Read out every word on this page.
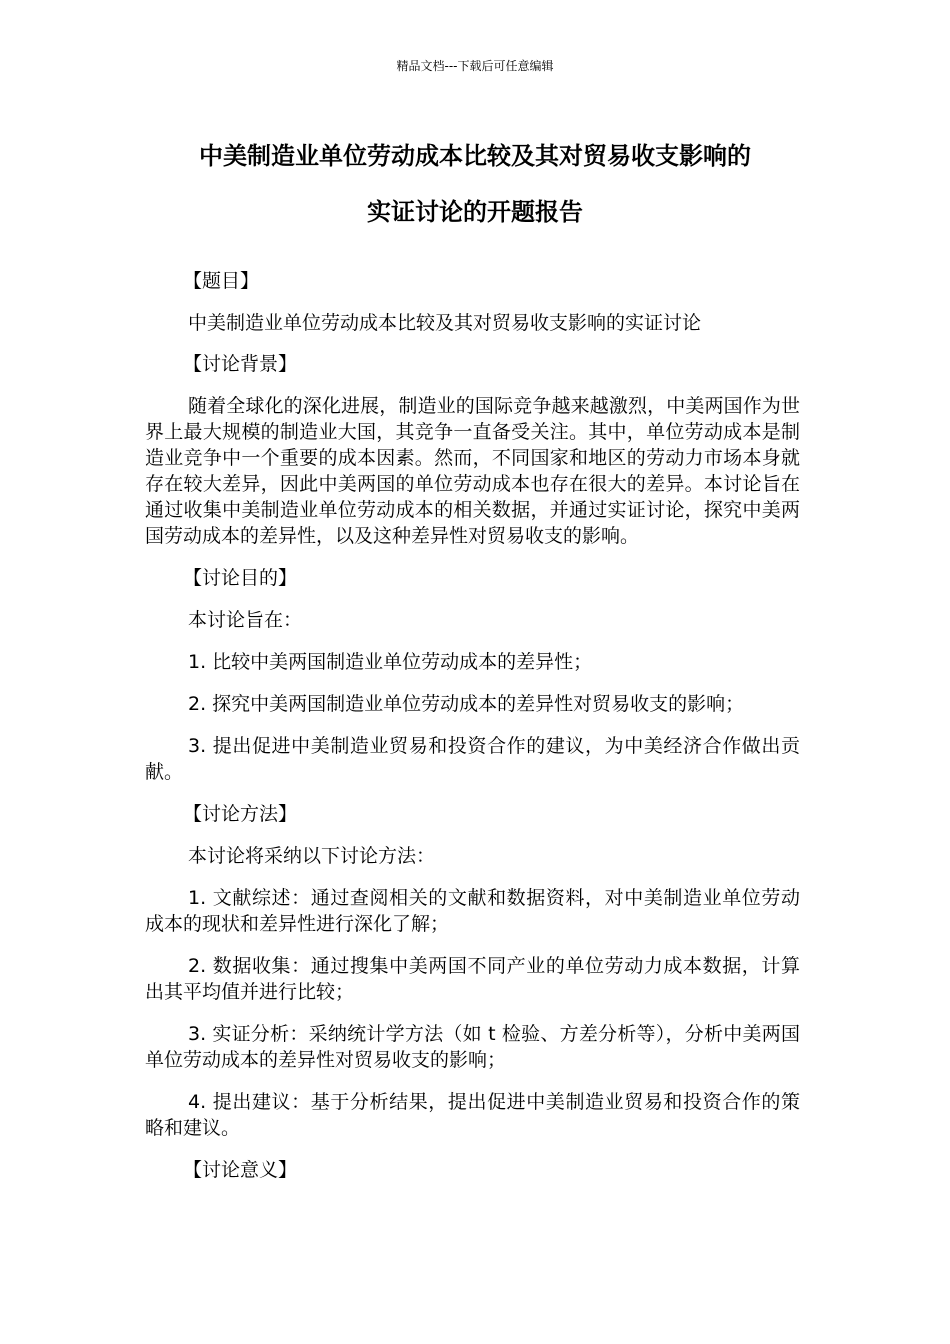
精品文档---下载后可任意编辑
中美制造业单位劳动成本比较及其对贸易收支影响的
实证讨论的开题报告
【题目】

中美制造业单位劳动成本比较及其对贸易收支影响的实证讨论

【讨论背景】

随着全球化的深化进展，制造业的国际竞争越来越激烈，中美两国作为世界上最大规模的制造业大国，其竞争一直备受关注。其中，单位劳动成本是制造业竞争中一个重要的成本因素。然而，不同国家和地区的劳动力市场本身就存在较大差异，因此中美两国的单位劳动成本也存在很大的差异。本讨论旨在通过收集中美制造业单位劳动成本的相关数据，并通过实证讨论，探究中美两国劳动成本的差异性，以及这种差异性对贸易收支的影响。

【讨论目的】

本讨论旨在：

1. 比较中美两国制造业单位劳动成本的差异性；

2. 探究中美两国制造业单位劳动成本的差异性对贸易收支的影响；

3. 提出促进中美制造业贸易和投资合作的建议，为中美经济合作做出贡献。

【讨论方法】

本讨论将采纳以下讨论方法：

1. 文献综述：通过查阅相关的文献和数据资料，对中美制造业单位劳动成本的现状和差异性进行深化了解；

2. 数据收集：通过搜集中美两国不同产业的单位劳动力成本数据，计算出其平均值并进行比较；

3. 实证分析：采纳统计学方法（如 t 检验、方差分析等），分析中美两国单位劳动成本的差异性对贸易收支的影响；

4. 提出建议：基于分析结果，提出促进中美制造业贸易和投资合作的策略和建议。

【讨论意义】
